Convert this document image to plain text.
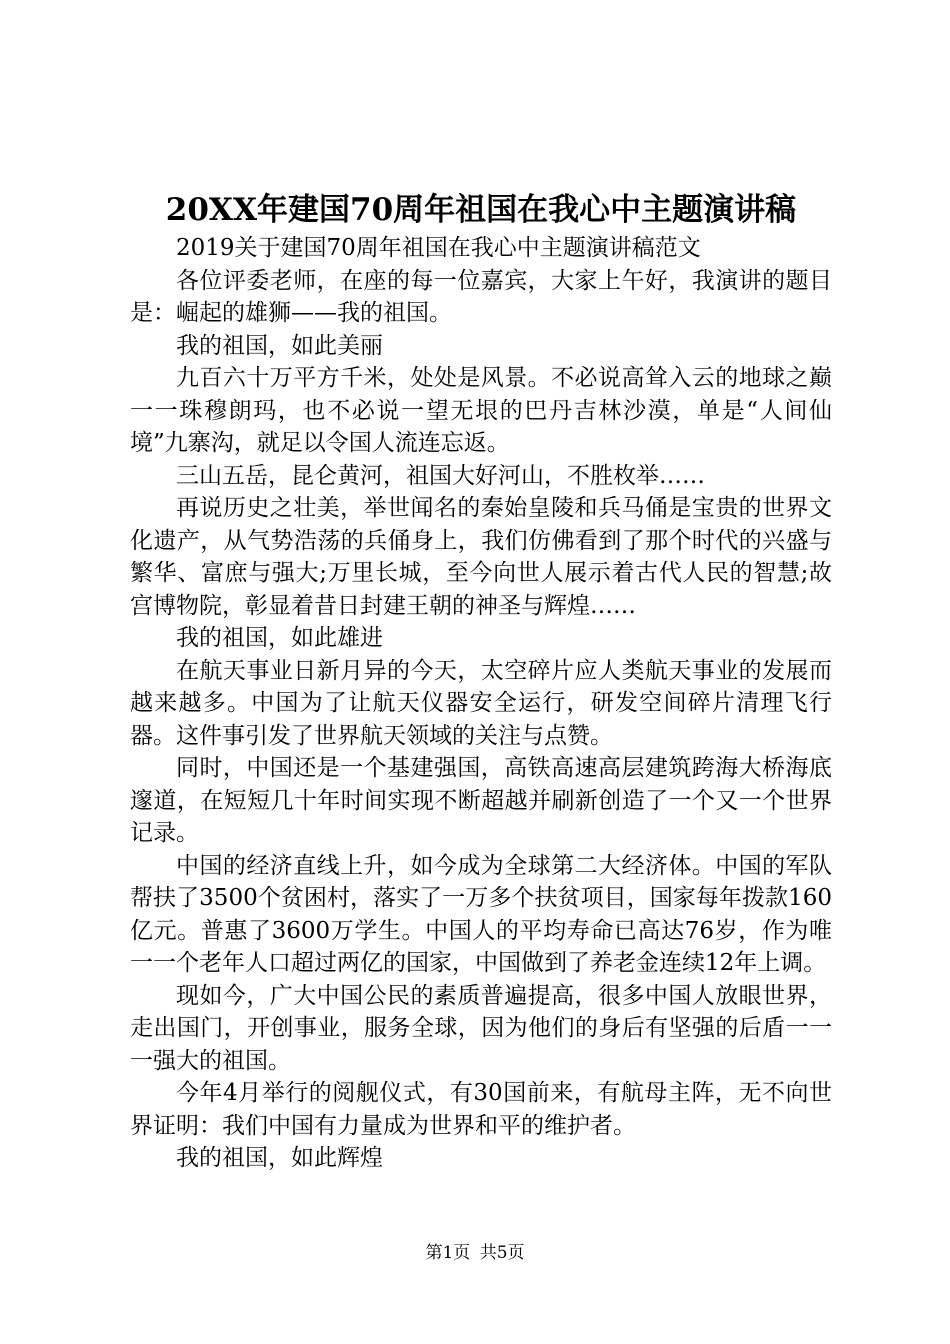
20XX年建国70周年祖国在我心中主题演讲稿

2019关于建国70周年祖国在我心中主题演讲稿范文

各位评委老师，在座的每一位嘉宾，大家上午好，我演讲的题目是：崛起的雄狮——我的祖国。

我的祖国，如此美丽

九百六十万平方千米，处处是风景。不必说高耸入云的地球之巅一一珠穆朗玛，也不必说一望无垠的巴丹吉林沙漠，单是“人间仙境”九寨沟，就足以令国人流连忘返。

三山五岳，昆仑黄河，祖国大好河山，不胜枚举……

再说历史之壮美，举世闻名的秦始皇陵和兵马俑是宝贵的世界文化遗产，从气势浩荡的兵俑身上，我们仿佛看到了那个时代的兴盛与繁华、富庶与强大;万里长城，至今向世人展示着古代人民的智慧;故宫博物院，彰显着昔日封建王朝的神圣与辉煌……

我的祖国，如此雄进

在航天事业日新月异的今天，太空碎片应人类航天事业的发展而越来越多。中国为了让航天仪器安全运行，研发空间碎片清理飞行器。这件事引发了世界航天领域的关注与点赞。

同时，中国还是一个基建强国，高铁高速高层建筑跨海大桥海底邃道，在短短几十年时间实现不断超越并刷新创造了一个又一个世界记录。

中国的经济直线上升，如今成为全球第二大经济体。中国的军队帮扶了3500个贫困村，落实了一万多个扶贫项目，国家每年拨款160亿元。普惠了3600万学生。中国人的平均寿命已高达76岁，作为唯一一个老年人口超过两亿的国家，中国做到了养老金连续12年上调。

现如今，广大中国公民的素质普遍提高，很多中国人放眼世界，走出国门，开创事业，服务全球，因为他们的身后有坚强的后盾一一一强大的祖国。

今年4月举行的阅舰仪式，有30国前来，有航母主阵，无不向世界证明：我们中国有力量成为世界和平的维护者。

我的祖国，如此辉煌

第1页 共5页
